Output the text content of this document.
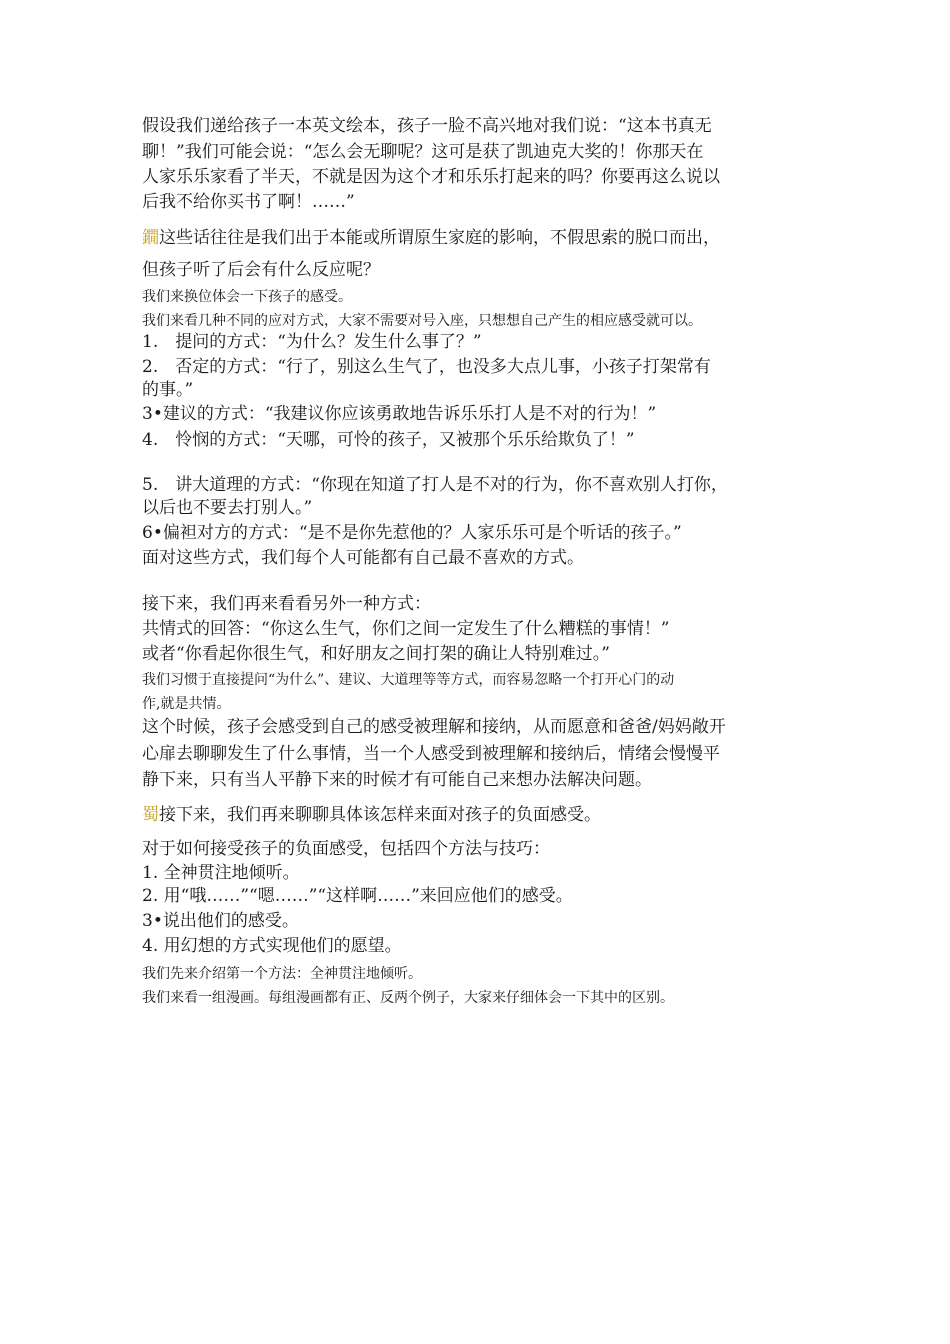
假设我们递给孩子一本英文绘本，孩子一脸不高兴地对我们说：“这本书真无
聊！”我们可能会说：“怎么会无聊呢？这可是获了凯迪克大奖的！你那天在
人家乐乐家看了半天，不就是因为这个才和乐乐打起来的吗？你要再这么说以
后我不给你买书了啊！……”
鐗这些话往往是我们出于本能或所谓原生家庭的影响，不假思索的脱口而出，
但孩子听了后会有什么反应呢？
我们来换位体会一下孩子的感受。
我们来看几种不同的应对方式，大家不需要对号入座，只想想自己产生的相应感受就可以。
1.　提问的方式：“为什么？发生什么事了？”
2.　否定的方式：“行了，别这么生气了，也没多大点儿事，小孩子打架常有
的事。”
3•建议的方式：“我建议你应该勇敢地告诉乐乐打人是不对的行为！”
4.　怜悯的方式：“天哪，可怜的孩子，又被那个乐乐给欺负了！”
5.　讲大道理的方式：“你现在知道了打人是不对的行为，你不喜欢别人打你，
以后也不要去打别人。”
6•偏袒对方的方式：“是不是你先惹他的？人家乐乐可是个听话的孩子。”
面对这些方式，我们每个人可能都有自己最不喜欢的方式。
接下来，我们再来看看另外一种方式：
共情式的回答：“你这么生气，你们之间一定发生了什么糟糕的事情！”
或者“你看起你很生气，和好朋友之间打架的确让人特别难过。”
我们习惯于直接提问“为什么”、建议、大道理等等方式，而容易忽略一个打开心门的动
作,就是共情。
这个时候，孩子会感受到自己的感受被理解和接纳，从而愿意和爸爸/妈妈敞开
心扉去聊聊发生了什么事情，当一个人感受到被理解和接纳后，情绪会慢慢平
静下来，只有当人平静下来的时候才有可能自己来想办法解决问题。
蜀接下来，我们再来聊聊具体该怎样来面对孩子的负面感受。
对于如何接受孩子的负面感受，包括四个方法与技巧：
1. 全神贯注地倾听。
2. 用“哦……”“嗯……”“这样啊……”来回应他们的感受。
3•说出他们的感受。
4. 用幻想的方式实现他们的愿望。
我们先来介绍第一个方法：全神贯注地倾听。
我们来看一组漫画。每组漫画都有正、反两个例子，大家来仔细体会一下其中的区别。
